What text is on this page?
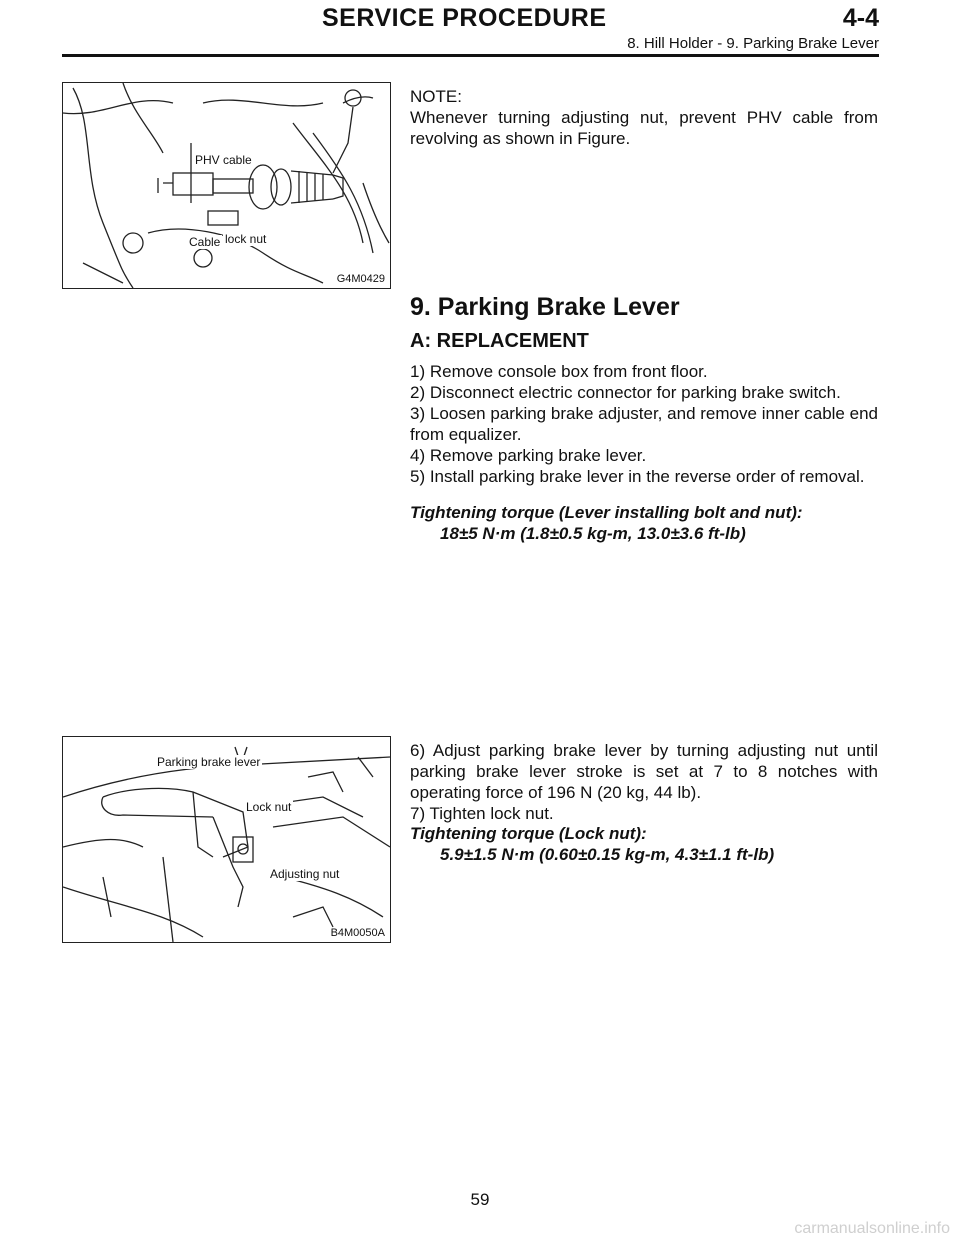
SERVICE PROCEDURE	4-4
8. Hill Holder - 9. Parking Brake Lever
PHV cable
Cable lock nut
G4M0429
NOTE:
Whenever turning adjusting nut, prevent PHV cable from revolving as shown in Figure.
9. Parking Brake Lever
A: REPLACEMENT
1) Remove console box from front floor.
2) Disconnect electric connector for parking brake switch.
3) Loosen parking brake adjuster, and remove inner cable end from equalizer.
4) Remove parking brake lever.
5) Install parking brake lever in the reverse order of removal.
Tightening torque (Lever installing bolt and nut):
18±5 N·m (1.8±0.5 kg-m, 13.0±3.6 ft-lb)
Parking brake lever
Lock nut
Adjusting nut
B4M0050A
6) Adjust parking brake lever by turning adjusting nut until parking brake lever stroke is set at 7 to 8 notches with operating force of 196 N (20 kg, 44 lb).
7) Tighten lock nut.
Tightening torque (Lock nut):
5.9±1.5 N·m (0.60±0.15 kg-m, 4.3±1.1 ft-lb)
59
carmanualsonline.info
